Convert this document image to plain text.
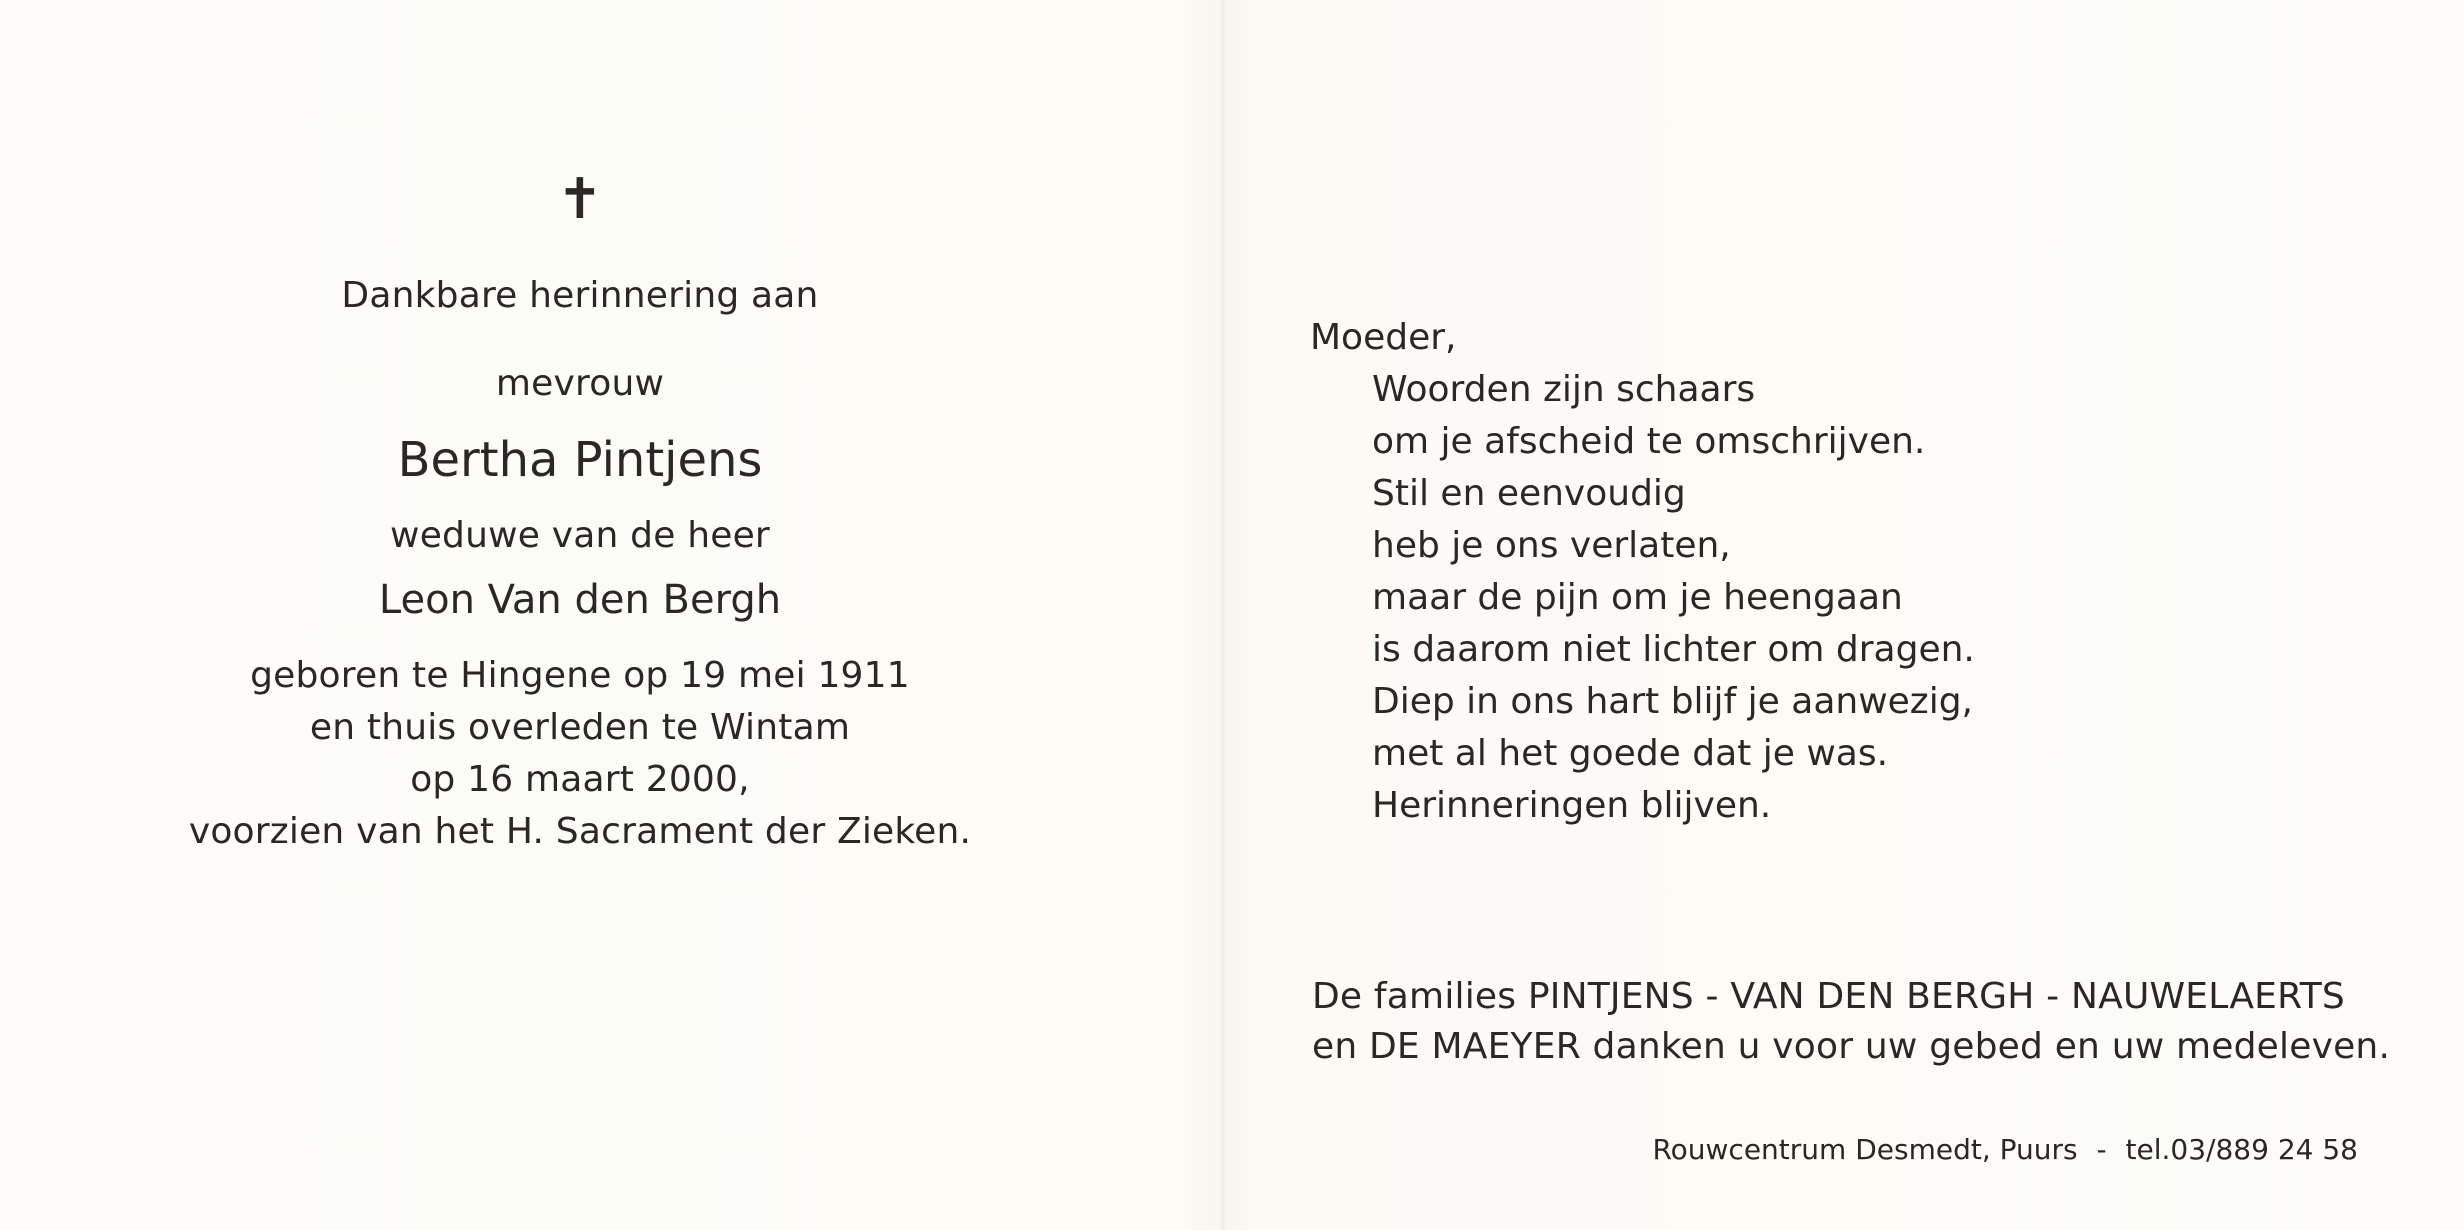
✝
Dankbare herinnering aan
mevrouw
Bertha Pintjens
weduwe van de heer
Leon Van den Bergh
geboren te Hingene op 19 mei 1911
en thuis overleden te Wintam
op 16 maart 2000,
voorzien van het H. Sacrament der Zieken.
Moeder,
Woorden zijn schaars
om je afscheid te omschrijven.
Stil en eenvoudig
heb je ons verlaten,
maar de pijn om je heengaan
is daarom niet lichter om dragen.
Diep in ons hart blijf je aanwezig,
met al het goede dat je was.
Herinneringen blijven.
De families PINTJENS - VAN DEN BERGH - NAUWELAERTS
en DE MAEYER danken u voor uw gebed en uw medeleven.
Rouwcentrum Desmedt, Puurs - tel.03/889 24 58
